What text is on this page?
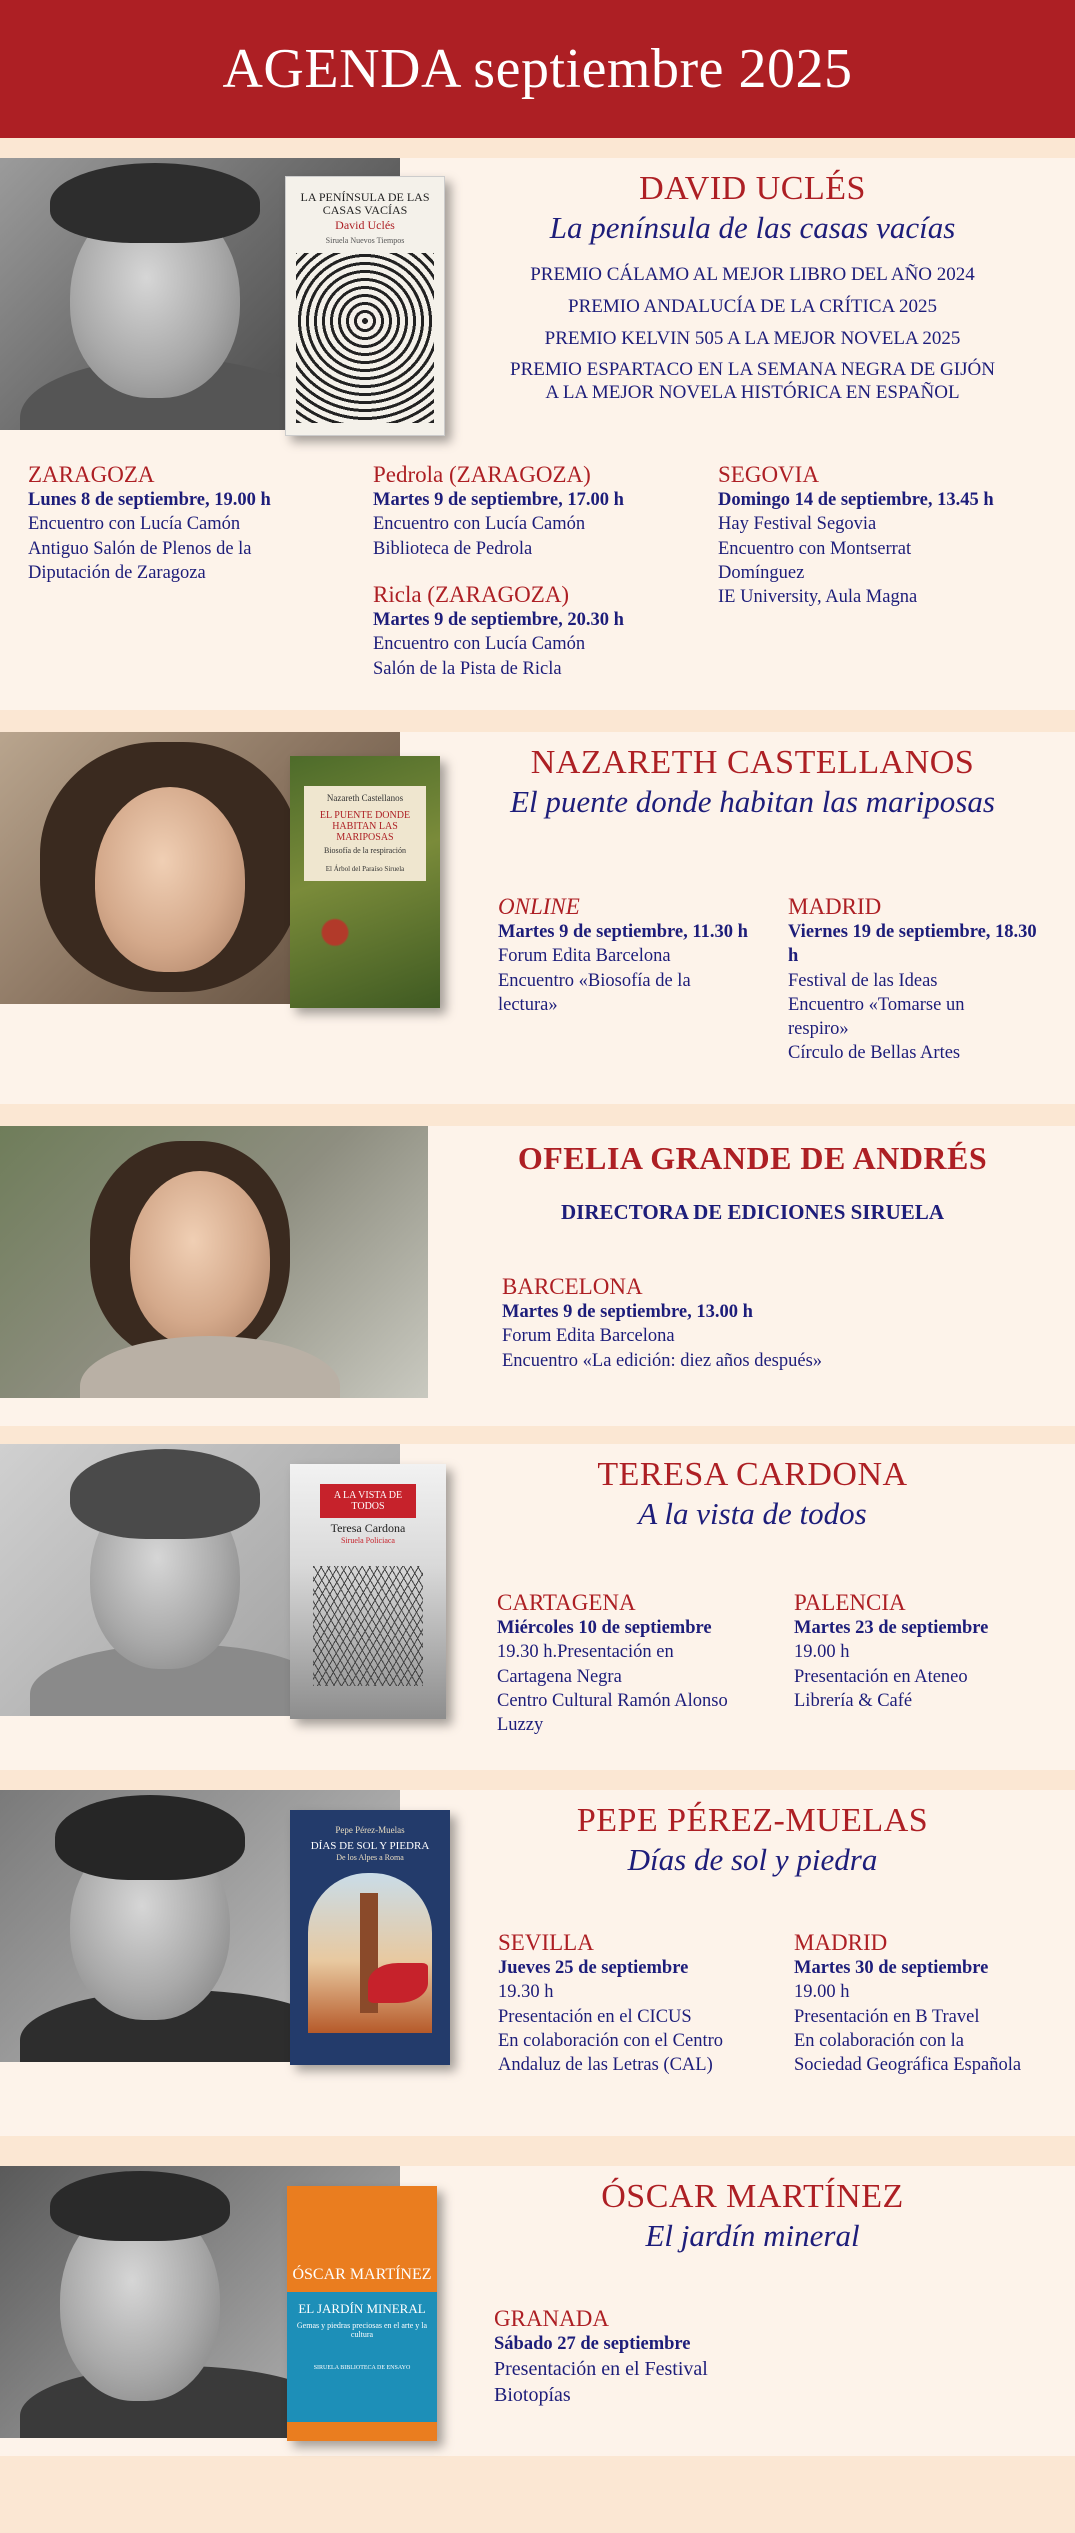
AGENDA septiembre 2025
LA PENÍNSULA DE LAS CASAS VACÍAS
David Uclés
Siruela Nuevos Tiempos
DAVID UCLÉS
La península de las casas vacías
PREMIO CÁLAMO AL MEJOR LIBRO DEL AÑO 2024
PREMIO ANDALUCÍA DE LA CRÍTICA 2025
PREMIO KELVIN 505 A LA MEJOR NOVELA 2025
PREMIO ESPARTACO EN LA SEMANA NEGRA DE GIJÓN
A LA MEJOR NOVELA HISTÓRICA EN ESPAÑOL
ZARAGOZA
Lunes 8 de septiembre, 19.00 h
Encuentro con Lucía Camón
Antiguo Salón de Plenos de la
Diputación de Zaragoza
Pedrola (ZARAGOZA)
Martes 9 de septiembre, 17.00 h
Encuentro con Lucía Camón
Biblioteca de Pedrola
SEGOVIA
Domingo 14 de septiembre, 13.45 h
Hay Festival Segovia
Encuentro con Montserrat
Domínguez
IE University, Aula Magna
Ricla (ZARAGOZA)
Martes 9 de septiembre, 20.30 h
Encuentro con Lucía Camón
Salón de la Pista de Ricla
Nazareth Castellanos
EL PUENTE DONDE HABITAN LAS MARIPOSAS
Biosofía de la respiración
El Árbol del Paraíso Siruela
NAZARETH CASTELLANOS
El puente donde habitan las mariposas
ONLINE
Martes 9 de septiembre, 11.30 h
Forum Edita Barcelona
Encuentro «Biosofía de la
lectura»
MADRID
Viernes 19 de septiembre, 18.30 h
Festival de las Ideas
Encuentro «Tomarse un
respiro»
Círculo de Bellas Artes
OFELIA GRANDE DE ANDRÉS
DIRECTORA DE EDICIONES SIRUELA
BARCELONA
Martes 9 de septiembre, 13.00 h
Forum Edita Barcelona
Encuentro «La edición: diez años después»
A LA VISTA DE TODOS
Teresa Cardona
Siruela Policiaca
TERESA CARDONA
A la vista de todos
CARTAGENA
Miércoles 10 de septiembre
19.30 h.Presentación en
Cartagena Negra
Centro Cultural Ramón Alonso
Luzzy
PALENCIA
Martes 23 de septiembre
19.00 h
Presentación en Ateneo
Librería & Café
Pepe Pérez-Muelas
DÍAS DE SOL Y PIEDRA
De los Alpes a Roma
PEPE PÉREZ-MUELAS
Días de sol y piedra
SEVILLA
Jueves 25 de septiembre
19.30 h
Presentación en el CICUS
En colaboración con el Centro
Andaluz de las Letras (CAL)
MADRID
Martes 30 de septiembre
19.00 h
Presentación en B Travel
En colaboración con la
Sociedad Geográfica Española
ÓSCAR MARTÍNEZ
EL JARDÍN MINERAL
Gemas y piedras preciosas en el arte y la cultura
SIRUELA BIBLIOTECA DE ENSAYO
ÓSCAR MARTÍNEZ
El jardín mineral
GRANADA
Sábado 27 de septiembre
Presentación en el Festival
Biotopías
